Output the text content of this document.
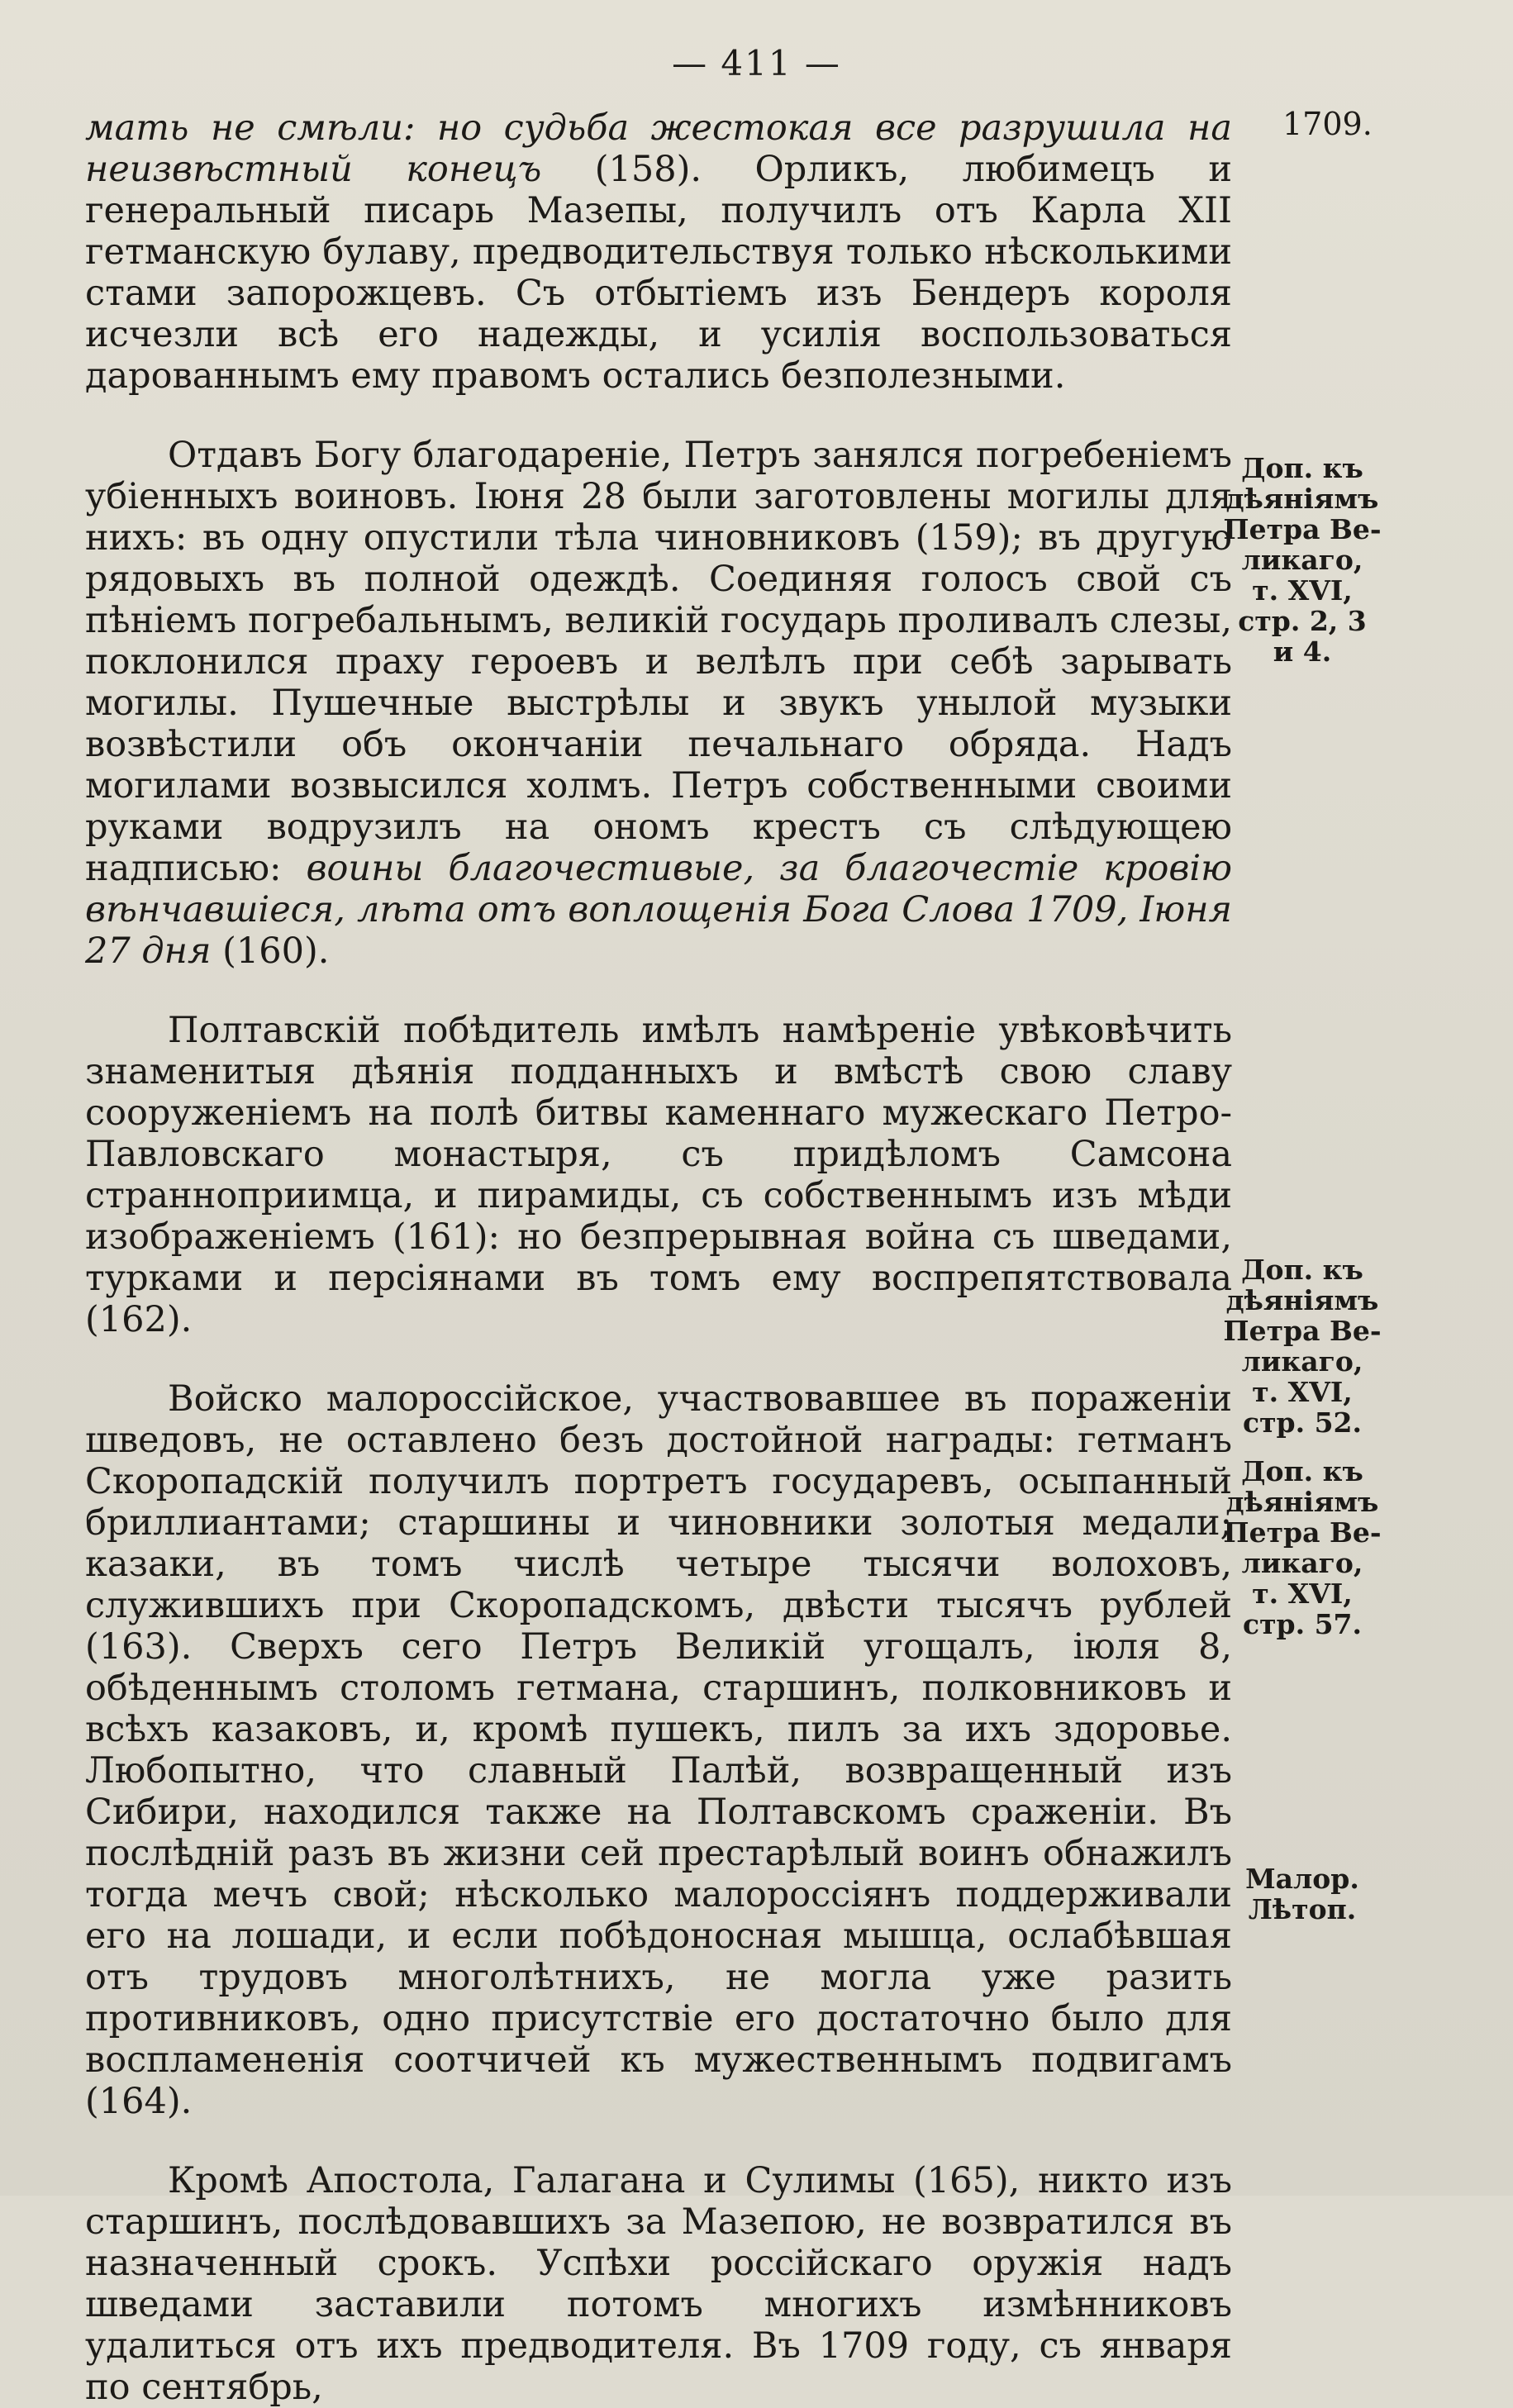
— 411 —
1709.

мать не смѣли: но судьба жестокая все разрушила на неизвѣстный конецъ (158). Орликъ, любимецъ и генеральный писарь Мазепы, получилъ отъ Карла XII гетманскую булаву, предводительствуя только нѣсколькими стами запорожцевъ. Съ отбытіемъ изъ Бендеръ короля исчезли всѣ его надежды, и усилія воспользоваться дарованнымъ ему правомъ остались безполезными.

Отдавъ Богу благодареніе, Петръ занялся погребеніемъ убіенныхъ воиновъ. Іюня 28 были заготовлены могилы для нихъ: въ одну опустили тѣла чиновниковъ (159); въ другую рядовыхъ въ полной одеждѣ. Соединяя голосъ свой съ пѣніемъ погребальнымъ, великій государь проливалъ слезы, поклонился праху героевъ и велѣлъ при себѣ зарывать могилы. Пушечные выстрѣлы и звукъ унылой музыки возвѣстили объ окончаніи печальнаго обряда. Надъ могилами возвысился холмъ. Петръ собственными своими руками водрузилъ на ономъ крестъ съ слѣдующею надписью: воины благочестивые, за благочестіе кровію вѣнчавшіеся, лѣта отъ воплощенія Бога Слова 1709, Іюня 27 дня (160).

Полтавскій побѣдитель имѣлъ намѣреніе увѣковѣчить знаменитыя дѣянія подданныхъ и вмѣстѣ свою славу сооруженіемъ на полѣ битвы каменнаго мужескаго Петро-Павловскаго монастыря, съ придѣломъ Самсона странноприимца, и пирамиды, съ собственнымъ изъ мѣди изображеніемъ (161): но безпрерывная война съ шведами, турками и персіянами въ томъ ему воспрепятствовала (162).

Войско малороссійское, участвовавшее въ пораженіи шведовъ, не оставлено безъ достойной награды: гетманъ Скоропадскій получилъ портретъ государевъ, осыпанный бриллиантами; старшины и чиновники золотыя медали; казаки, въ томъ числѣ четыре тысячи волоховъ, служившихъ при Скоропадскомъ, двѣсти тысячъ рублей (163). Сверхъ сего Петръ Великій угощалъ, іюля 8, обѣденнымъ столомъ гетмана, старшинъ, полковниковъ и всѣхъ казаковъ, и, кромѣ пушекъ, пилъ за ихъ здоровье. Любопытно, что славный Палѣй, возвращенный изъ Сибири, находился также на Полтавскомъ сраженіи. Въ послѣдній разъ въ жизни сей престарѣлый воинъ обнажилъ тогда мечъ свой; нѣсколько малороссіянъ поддерживали его на лошади, и если побѣдоносная мышца, ослабѣвшая отъ трудовъ многолѣтнихъ, не могла уже разить противниковъ, одно присутствіе его достаточно было для воспламененія соотчичей къ мужественнымъ подвигамъ (164).

Кромѣ Апостола, Галагана и Сулимы (165), никто изъ старшинъ, послѣдовавшихъ за Мазепою, не возвратился въ назначенный срокъ. Успѣхи россійскаго оружія надъ шведами заставили потомъ многихъ измѣнниковъ удалиться отъ ихъ предводителя. Въ 1709 году, съ января по сентябрь,

Доп. къ
дѣяніямъ
Петра Ве-
ликаго,
т. XVI,
стр. 2, 3
и 4.
Доп. къ
дѣяніямъ
Петра Ве-
ликаго,
т. XVI,
стр. 52.
Доп. къ
дѣяніямъ
Петра Ве-
ликаго,
т. XVI,
стр. 57.
Малор.
Лѣтоп.
